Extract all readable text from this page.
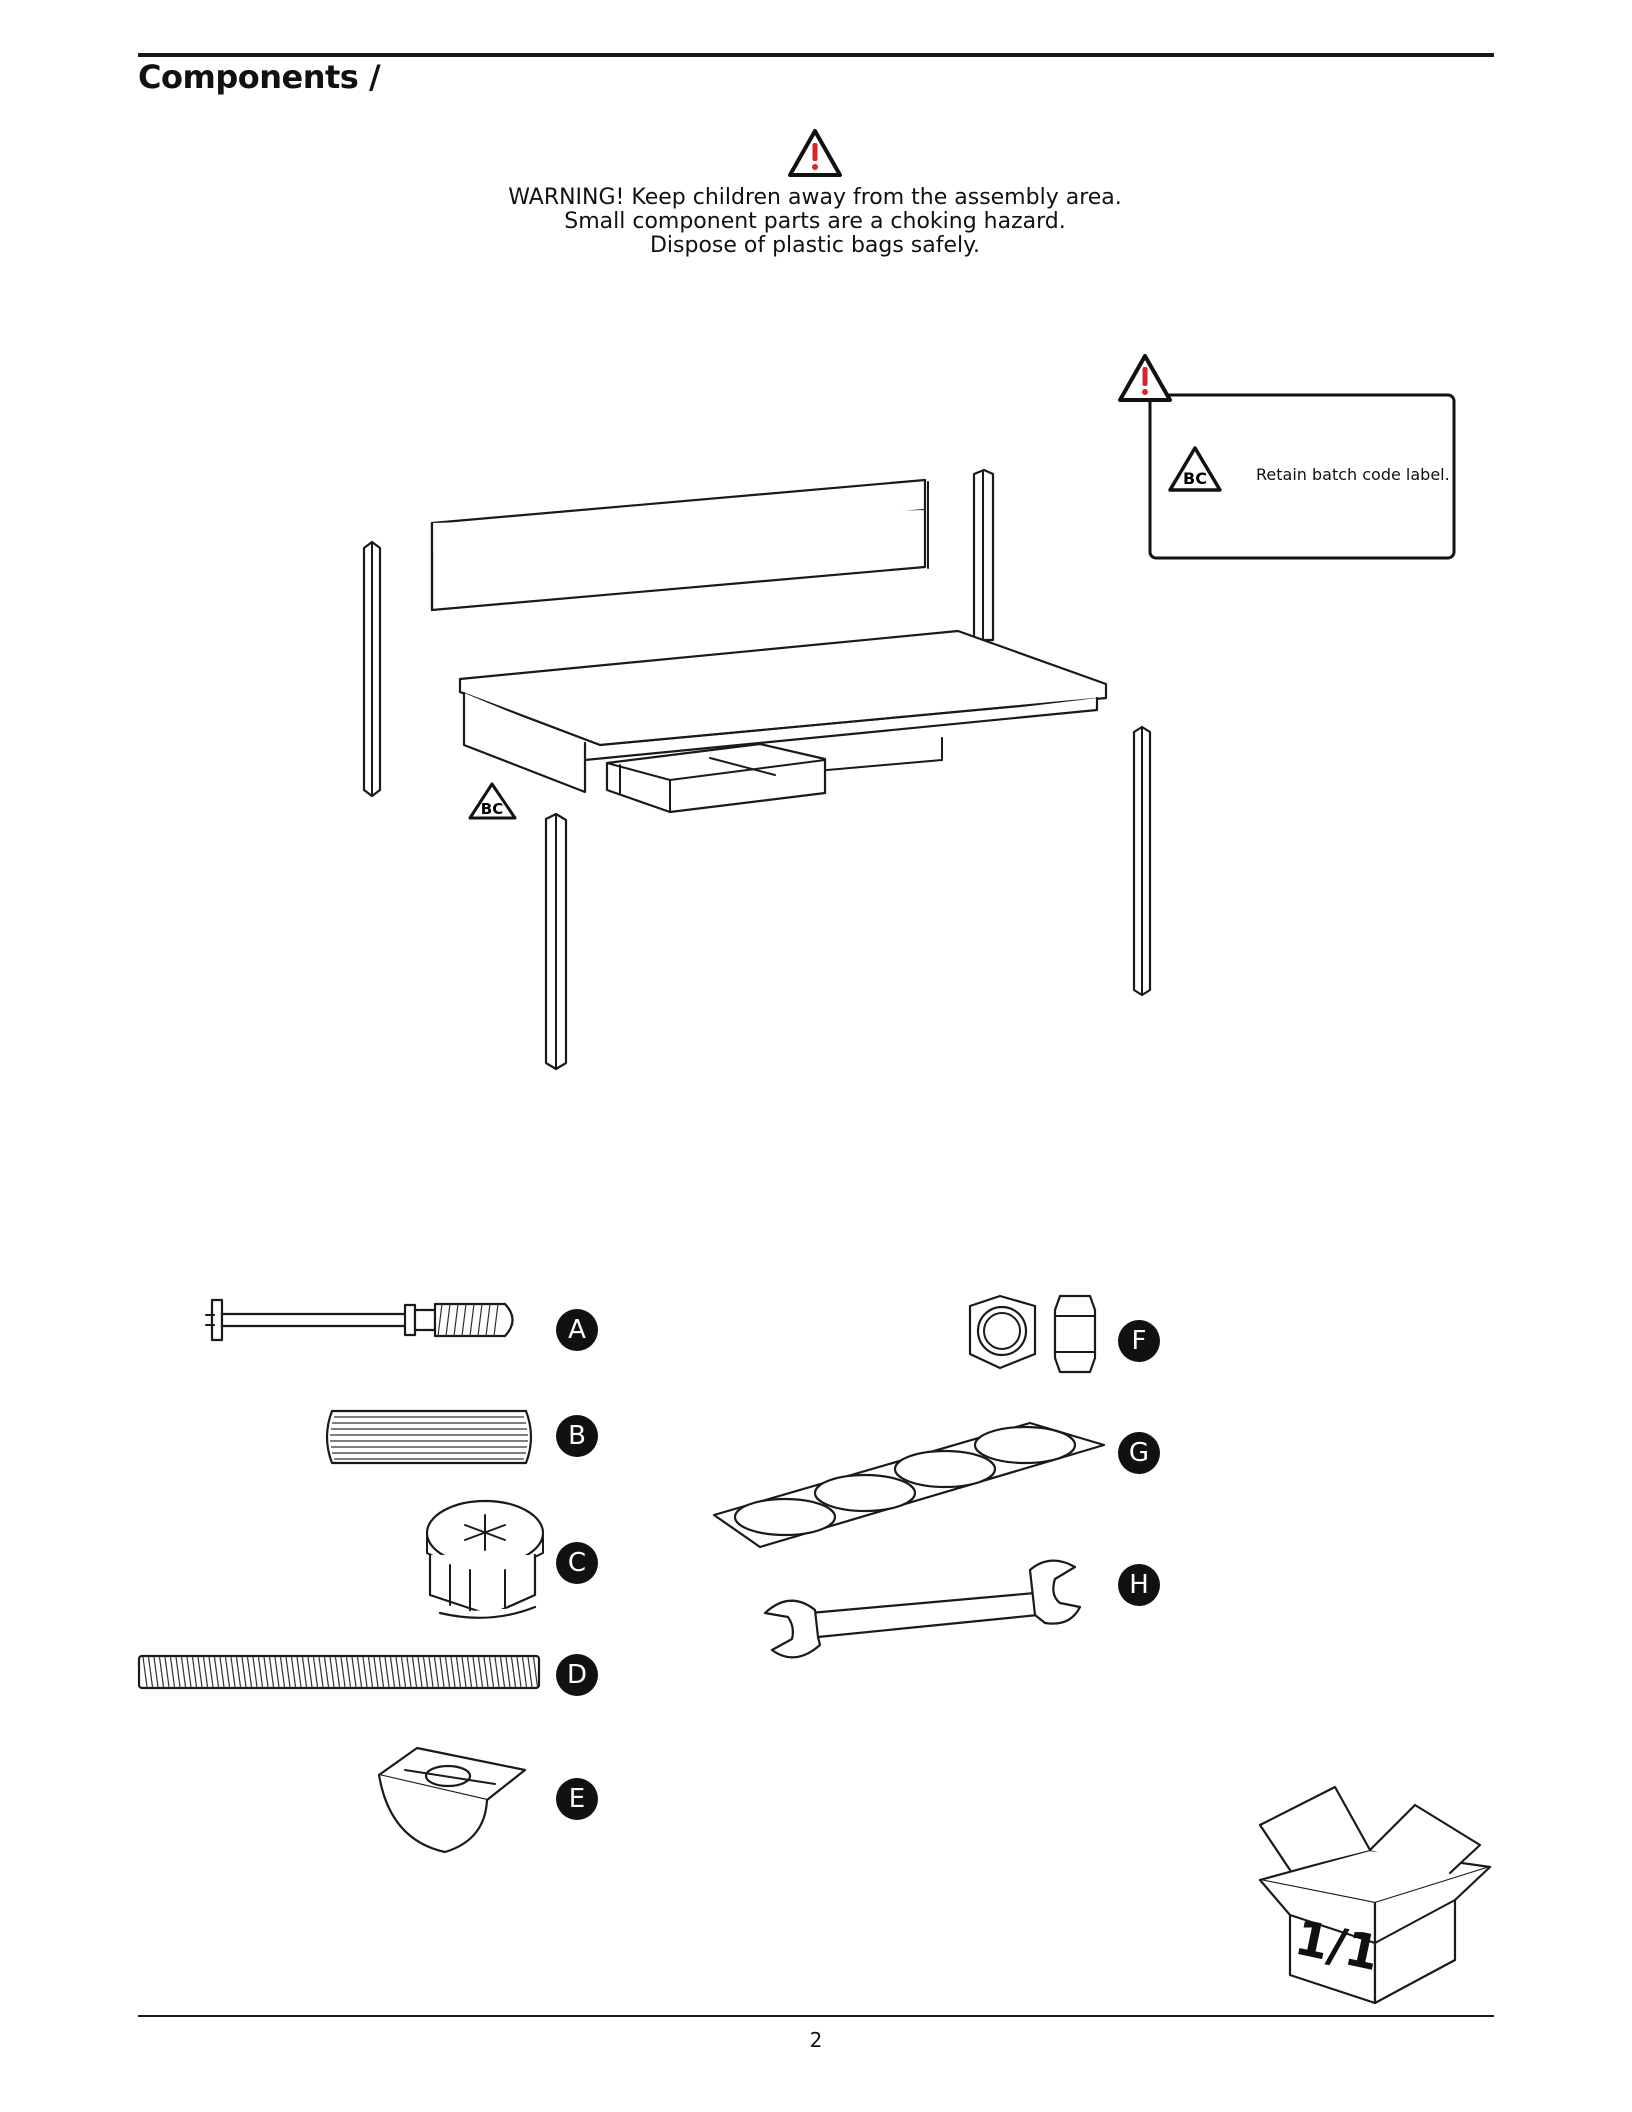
Components /
WARNING! Keep children away from the assembly area.
Small component parts are a choking hazard.
Dispose of plastic bags safely.
BC	Retain batch code label.
BC
A
B
C
D
E
F
G
H
1/1
2
